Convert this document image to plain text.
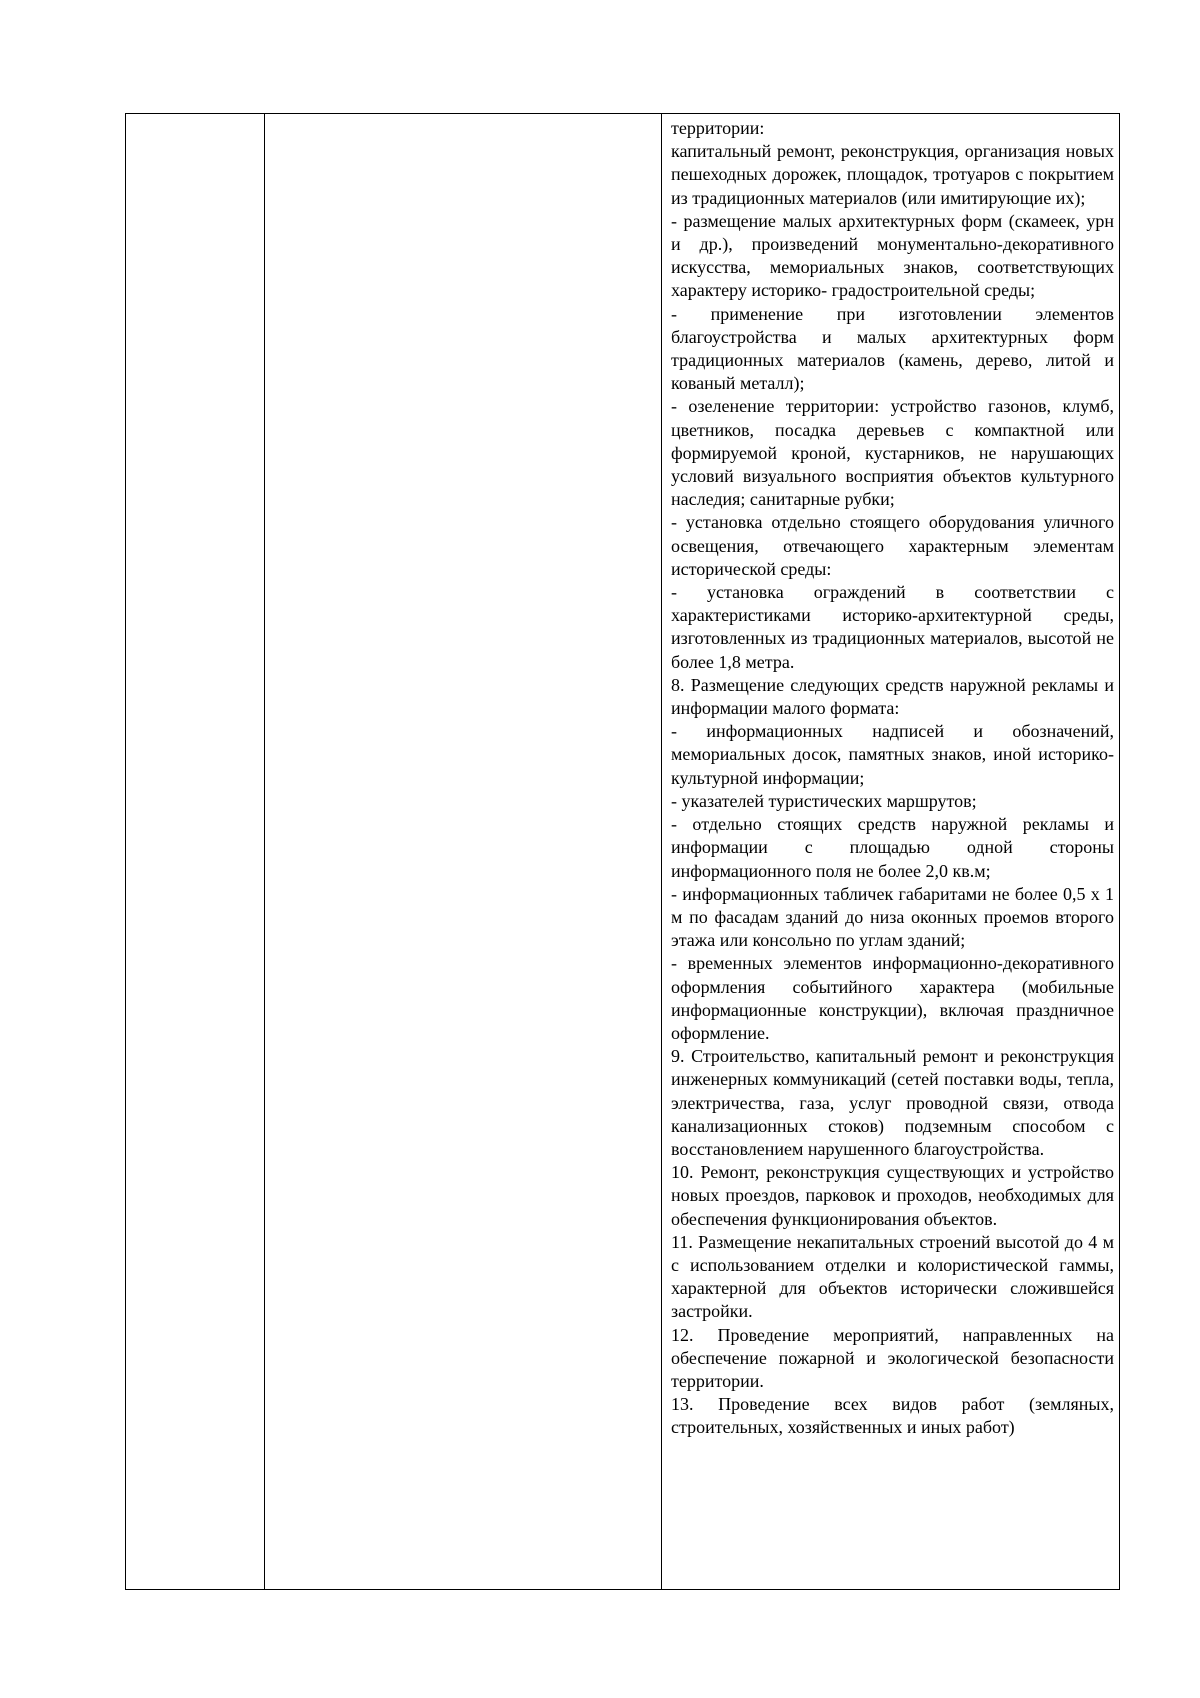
территории:

капитальный ремонт, реконструкция, организация новых пешеходных дорожек, площадок, тротуаров с покрытием из традиционных материалов (или имитирующие их);

- размещение малых архитектурных форм (скамеек, урн и др.), произведений монументально-декоративного искусства, мемориальных знаков, соответствующих характеру историко- градостроительной среды;

- применение при изготовлении элементов благоустройства и малых архитектурных форм традиционных материалов (камень, дерево, литой и кованый металл);

- озеленение территории: устройство газонов, клумб, цветников, посадка деревьев с компактной или формируемой кроной, кустарников, не нарушающих условий визуального восприятия объектов культурного наследия; санитарные рубки;

- установка отдельно стоящего оборудования уличного освещения, отвечающего характерным элементам исторической среды:

- установка ограждений в соответствии с характеристиками историко-архитектурной среды, изготовленных из традиционных материалов, высотой не более 1,8 метра.

8. Размещение следующих средств наружной рекламы и информации малого формата:

- информационных надписей и обозначений, мемориальных досок, памятных знаков, иной историко-культурной информации;

- указателей туристических маршрутов;

- отдельно стоящих средств наружной рекламы и информации с площадью одной стороны информационного поля не более 2,0 кв.м;

- информационных табличек габаритами не более 0,5 х 1 м по фасадам зданий до низа оконных проемов второго этажа или консольно по углам зданий;

- временных элементов информационно-декоративного оформления событийного характера (мобильные информационные конструкции), включая праздничное оформление.

9. Строительство, капитальный ремонт и реконструкция инженерных коммуникаций (сетей поставки воды, тепла, электричества, газа, услуг проводной связи, отвода канализационных стоков) подземным способом с восстановлением нарушенного благоустройства.

10. Ремонт, реконструкция существующих и устройство новых проездов, парковок и проходов, необходимых для обеспечения функционирования объектов.

11. Размещение некапитальных строений высотой до 4 м с использованием отделки и колористической гаммы, характерной для объектов исторически сложившейся застройки.

12. Проведение мероприятий, направленных на обеспечение пожарной и экологической безопасности территории.

13. Проведение всех видов работ (земляных, строительных, хозяйственных и иных работ)
